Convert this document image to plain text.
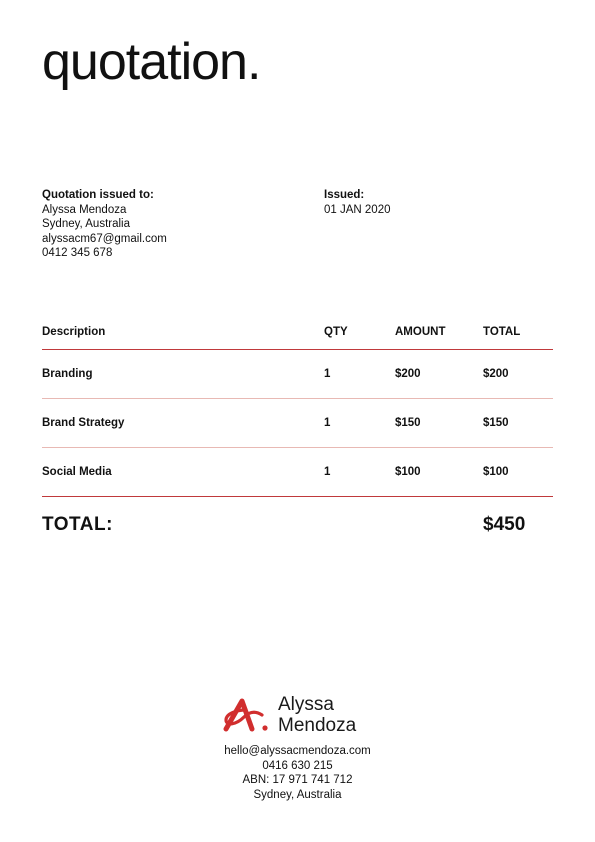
quotation.
Quotation issued to:
Alyssa Mendoza
Sydney, Australia
alyssacm67@gmail.com
0412 345 678
Issued:
01 JAN 2020
Description	QTY	AMOUNT	TOTAL
Branding	1	$200	$200
Brand Strategy	1	$150	$150
Social Media	1	$100	$100
TOTAL:	$450
Alyssa
Mendoza
hello@alyssacmendoza.com
0416 630 215
ABN: 17 971 741 712
Sydney, Australia
